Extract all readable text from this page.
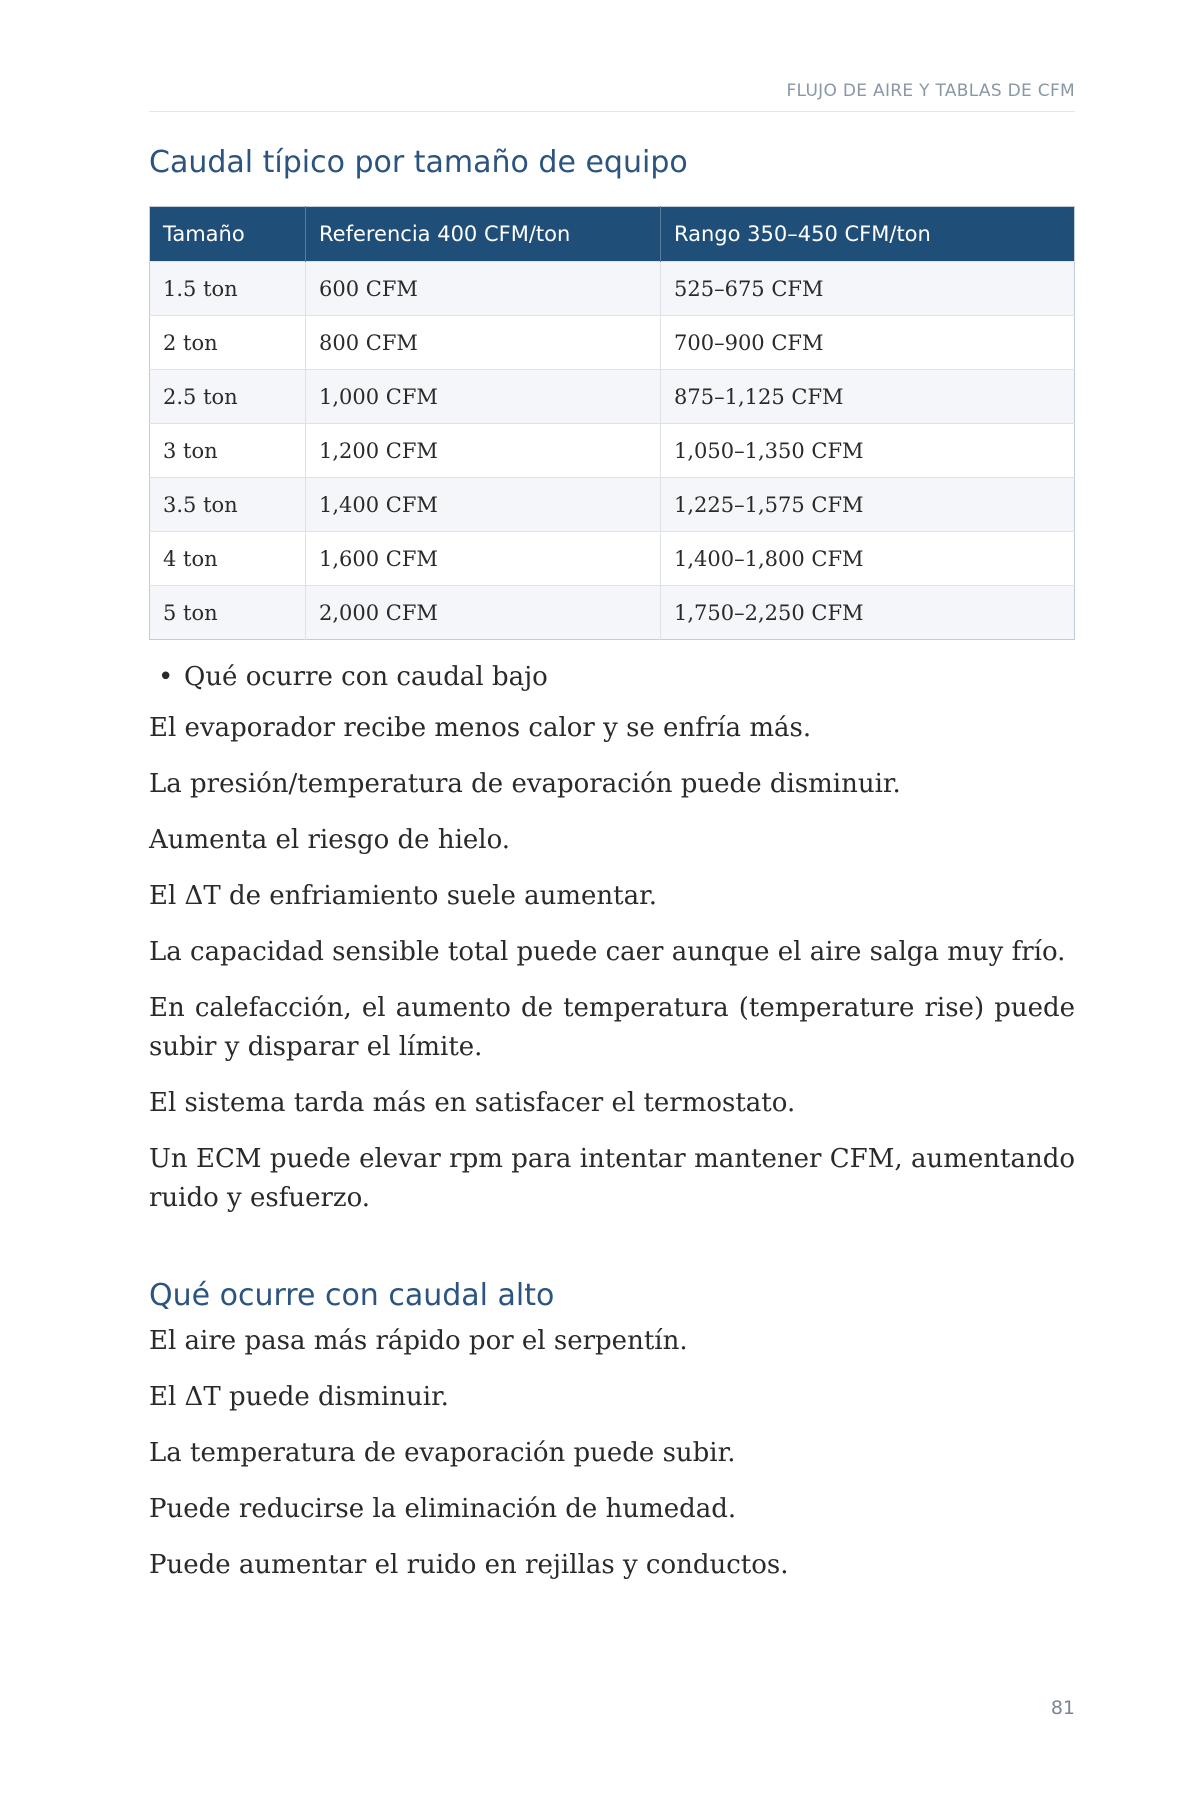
FLUJO DE AIRE Y TABLAS DE CFM
Caudal típico por tamaño de equipo
Tamaño	Referencia 400 CFM/ton	Rango 350–450 CFM/ton
1.5 ton	600 CFM	525–675 CFM
2 ton	800 CFM	700–900 CFM
2.5 ton	1,000 CFM	875–1,125 CFM
3 ton	1,200 CFM	1,050–1,350 CFM
3.5 ton	1,400 CFM	1,225–1,575 CFM
4 ton	1,600 CFM	1,400–1,800 CFM
5 ton	2,000 CFM	1,750–2,250 CFM
• Qué ocurre con caudal bajo

El evaporador recibe menos calor y se enfría más.

La presión/temperatura de evaporación puede disminuir.

Aumenta el riesgo de hielo.

El ΔT de enfriamiento suele aumentar.

La capacidad sensible total puede caer aunque el aire salga muy frío.

En calefacción, el aumento de temperatura (temperature rise) puede subir y disparar el límite.

El sistema tarda más en satisfacer el termostato.

Un ECM puede elevar rpm para intentar mantener CFM, aumentando ruido y esfuerzo.

Qué ocurre con caudal alto

El aire pasa más rápido por el serpentín.

El ΔT puede disminuir.

La temperatura de evaporación puede subir.

Puede reducirse la eliminación de humedad.

Puede aumentar el ruido en rejillas y conductos.

81
